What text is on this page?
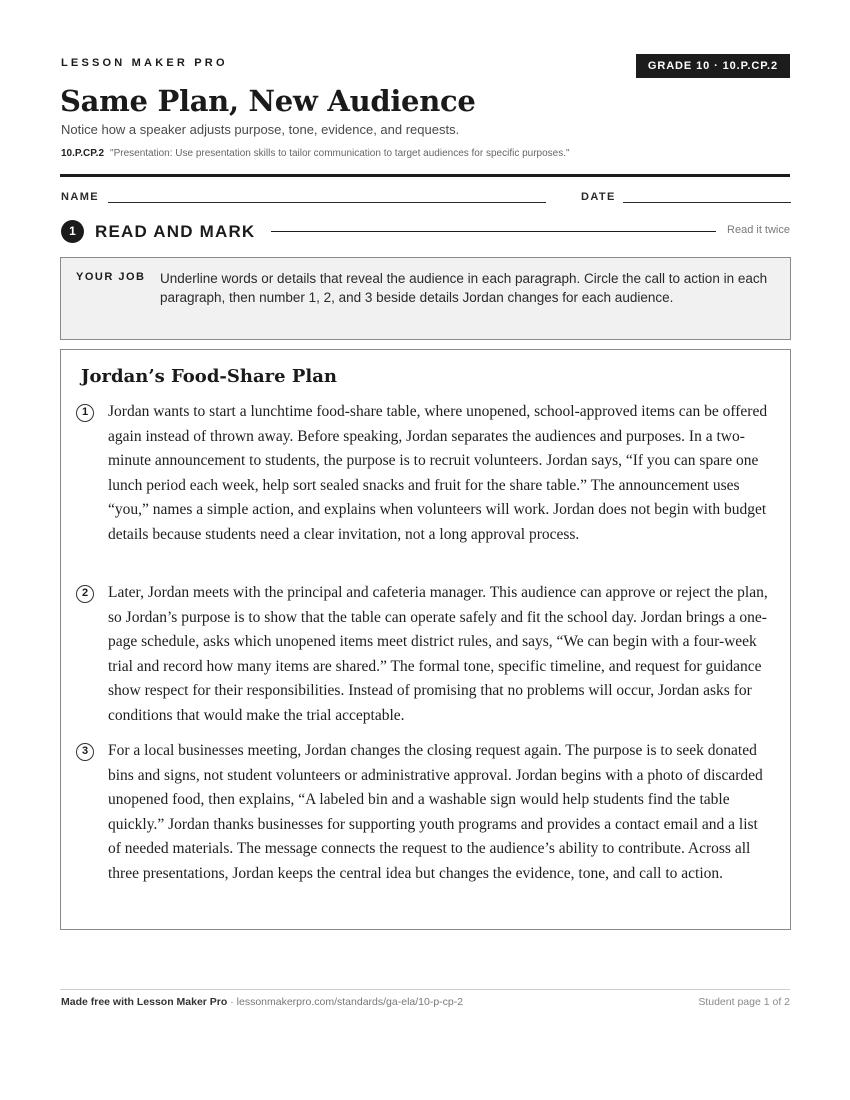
LESSON MAKER PRO	GRADE 10 · 10.P.CP.2
Same Plan, New Audience
Notice how a speaker adjusts purpose, tone, evidence, and requests.
10.P.CP.2 "Presentation: Use presentation skills to tailor communication to target audiences for specific purposes."
NAME	DATE
1	READ AND MARK	Read it twice
YOUR JOB Underline words or details that reveal the audience in each paragraph. Circle the call to action in each paragraph, then number 1, 2, and 3 beside details Jordan changes for each audience.
Jordan’s Food-Share Plan
1	Jordan wants to start a lunchtime food-share table, where unopened, school-approved items can be offered again instead of thrown away. Before speaking, Jordan separates the audiences and purposes. In a two-minute announcement to students, the purpose is to recruit volunteers. Jordan says, “If you can spare one lunch period each week, help sort sealed snacks and fruit for the share table.” The announcement uses “you,” names a simple action, and explains when volunteers will work. Jordan does not begin with budget details because students need a clear invitation, not a long approval process.

2	Later, Jordan meets with the principal and cafeteria manager. This audience can approve or reject the plan, so Jordan’s purpose is to show that the table can operate safely and fit the school day. Jordan brings a one-page schedule, asks which unopened items meet district rules, and says, “We can begin with a four-week trial and record how many items are shared.” The formal tone, specific timeline, and request for guidance show respect for their responsibilities. Instead of promising that no problems will occur, Jordan asks for conditions that would make the trial acceptable.

3	For a local businesses meeting, Jordan changes the closing request again. The purpose is to seek donated bins and signs, not student volunteers or administrative approval. Jordan begins with a photo of discarded unopened food, then explains, “A labeled bin and a washable sign would help students find the table quickly.” Jordan thanks businesses for supporting youth programs and provides a contact email and a list of needed materials. The message connects the request to the audience’s ability to contribute. Across all three presentations, Jordan keeps the central idea but changes the evidence, tone, and call to action.

Made free with Lesson Maker Pro · lessonmakerpro.com/standards/ga-ela/10-p-cp-2	Student page 1 of 2
